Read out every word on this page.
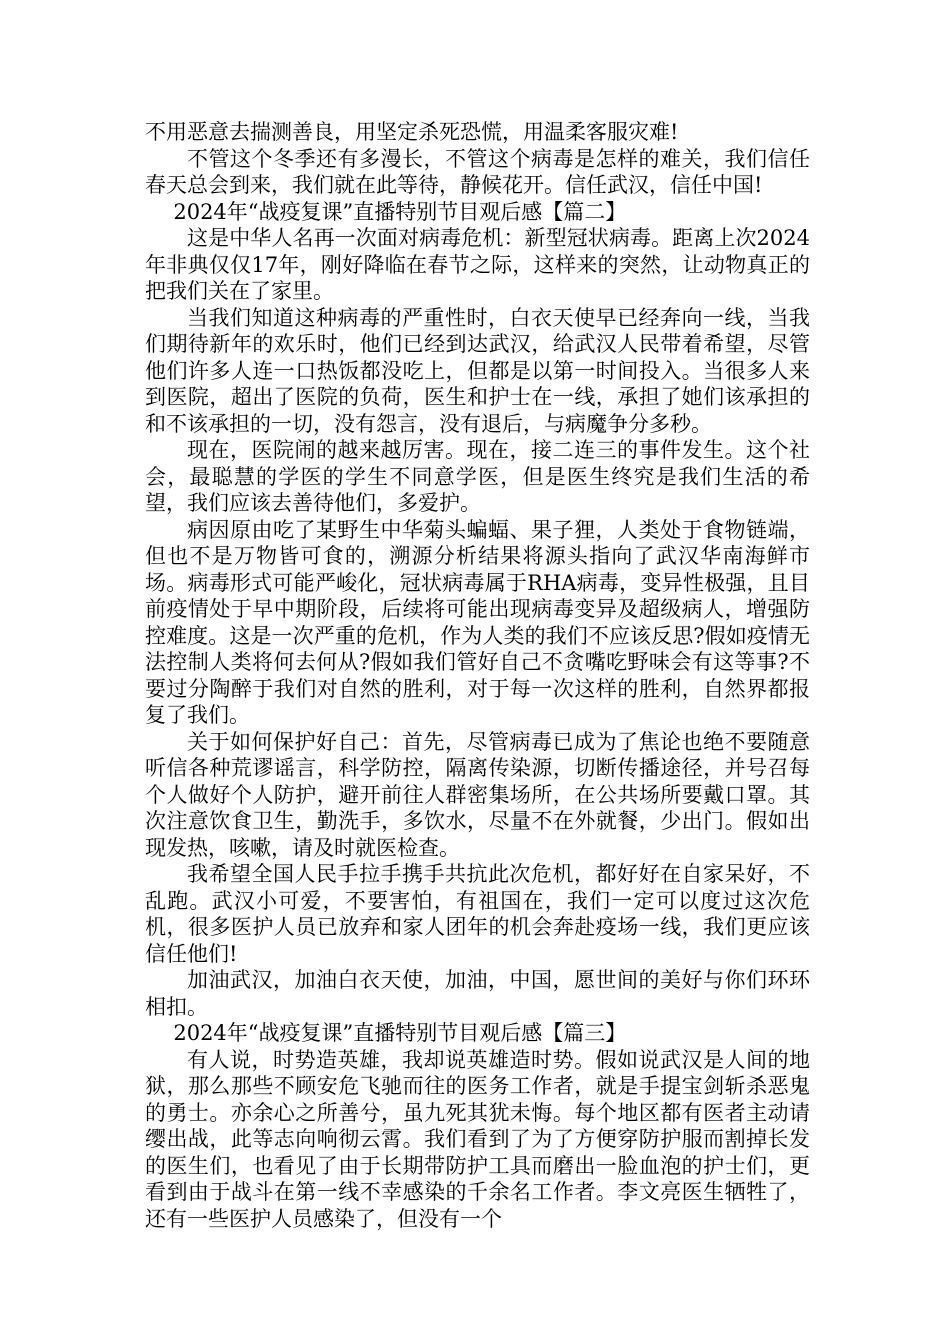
不用恶意去揣测善良，用坚定杀死恐慌，用温柔客服灾难!

不管这个冬季还有多漫长，不管这个病毒是怎样的难关，我们信任春天总会到来，我们就在此等待，静候花开。信任武汉，信任中国!

2024年“战疫复课”直播特别节目观后感【篇二】

这是中华人名再一次面对病毒危机：新型冠状病毒。距离上次2024年非典仅仅17年，刚好降临在春节之际，这样来的突然，让动物真正的把我们关在了家里。

当我们知道这种病毒的严重性时，白衣天使早已经奔向一线，当我们期待新年的欢乐时，他们已经到达武汉，给武汉人民带着希望，尽管他们许多人连一口热饭都没吃上，但都是以第一时间投入。当很多人来到医院，超出了医院的负荷，医生和护士在一线，承担了她们该承担的和不该承担的一切，没有怨言，没有退后，与病魔争分多秒。

现在，医院闹的越来越厉害。现在，接二连三的事件发生。这个社会，最聪慧的学医的学生不同意学医，但是医生终究是我们生活的希望，我们应该去善待他们，多爱护。

病因原由吃了某野生中华菊头蝙蝠、果子狸，人类处于食物链端，但也不是万物皆可食的，溯源分析结果将源头指向了武汉华南海鲜市场。病毒形式可能严峻化，冠状病毒属于RHA病毒，变异性极强，且目前疫情处于早中期阶段，后续将可能出现病毒变异及超级病人，增强防控难度。这是一次严重的危机，作为人类的我们不应该反思?假如疫情无法控制人类将何去何从?假如我们管好自己不贪嘴吃野味会有这等事?不要过分陶醉于我们对自然的胜利，对于每一次这样的胜利，自然界都报复了我们。

关于如何保护好自己：首先，尽管病毒已成为了焦论也绝不要随意听信各种荒谬谣言，科学防控，隔离传染源，切断传播途径，并号召每个人做好个人防护，避开前往人群密集场所，在公共场所要戴口罩。其次注意饮食卫生，勤洗手，多饮水，尽量不在外就餐，少出门。假如出现发热，咳嗽，请及时就医检查。

我希望全国人民手拉手携手共抗此次危机，都好好在自家呆好，不乱跑。武汉小可爱，不要害怕，有祖国在，我们一定可以度过这次危机，很多医护人员已放弃和家人团年的机会奔赴疫场一线，我们更应该信任他们!

加油武汉，加油白衣天使，加油，中国，愿世间的美好与你们环环相扣。

2024年“战疫复课”直播特别节目观后感【篇三】

有人说，时势造英雄，我却说英雄造时势。假如说武汉是人间的地狱，那么那些不顾安危飞驰而往的医务工作者，就是手提宝剑斩杀恶鬼的勇士。亦余心之所善兮，虽九死其犹未悔。每个地区都有医者主动请缨出战，此等志向响彻云霄。我们看到了为了方便穿防护服而割掉长发的医生们，也看见了由于长期带防护工具而磨出一脸血泡的护士们，更看到由于战斗在第一线不幸感染的千余名工作者。李文亮医生牺牲了，还有一些医护人员感染了，但没有一个
